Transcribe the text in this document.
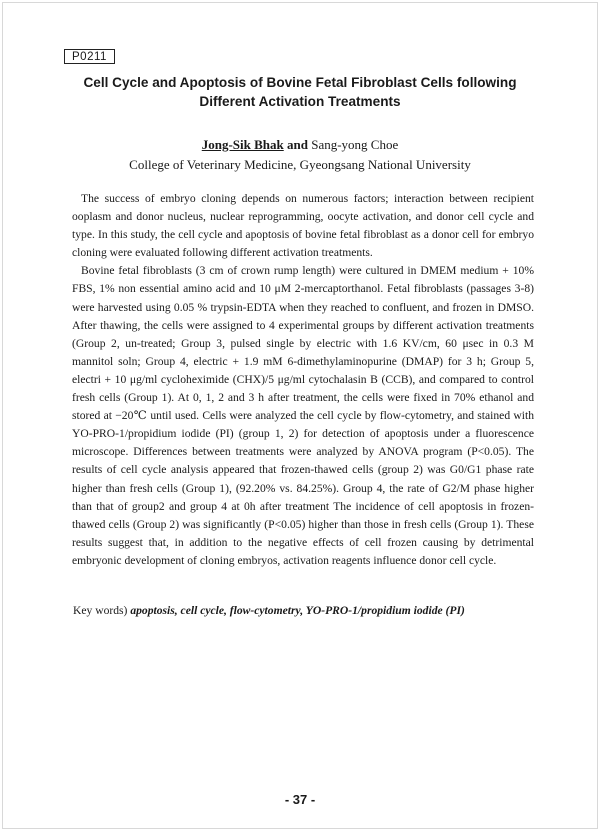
P0211
Cell Cycle and Apoptosis of Bovine Fetal Fibroblast Cells following
Different Activation Treatments
Jong-Sik Bhak and Sang-yong Choe
College of Veterinary Medicine, Gyeongsang National University

The success of embryo cloning depends on numerous factors; interaction between recipient ooplasm and donor nucleus, nuclear reprogramming, oocyte activation, and donor cell cycle and type. In this study, the cell cycle and apoptosis of bovine fetal fibroblast as a donor cell for embryo cloning were evaluated following different activation treatments.

Bovine fetal fibroblasts (3 cm of crown rump length) were cultured in DMEM medium + 10% FBS, 1% non essential amino acid and 10 μM 2-mercaptorthanol. Fetal fibroblasts (passages 3-8) were harvested using 0.05 % trypsin-EDTA when they reached to confluent, and frozen in DMSO. After thawing, the cells were assigned to 4 experimental groups by different activation treatments (Group 2, un-treated; Group 3, pulsed single by electric with 1.6 KV/cm, 60 μsec in 0.3 M mannitol soln; Group 4, electric + 1.9 mM 6-dimethylaminopurine (DMAP) for 3 h; Group 5, electri + 10 μg/ml cycloheximide (CHX)/5 μg/ml cytochalasin B (CCB), and compared to control fresh cells (Group 1). At 0, 1, 2 and 3 h after treatment, the cells were fixed in 70% ethanol and stored at −20℃ until used. Cells were analyzed the cell cycle by flow-cytometry, and stained with YO-PRO-1/propidium iodide (PI) (group 1, 2) for detection of apoptosis under a fluorescence microscope. Differences between treatments were analyzed by ANOVA program (P<0.05). The results of cell cycle analysis appeared that frozen-thawed cells (group 2) was G0/G1 phase rate higher than fresh cells (Group 1), (92.20% vs. 84.25%). Group 4, the rate of G2/M phase higher than that of group2 and group 4 at 0h after treatment The incidence of cell apoptosis in frozen-thawed cells (Group 2) was significantly (P<0.05) higher than those in fresh cells (Group 1). These results suggest that, in addition to the negative effects of cell frozen causing by detrimental embryonic development of cloning embryos, activation reagents influence donor cell cycle.

Key words) apoptosis, cell cycle, flow-cytometry, YO-PRO-1/propidium iodide (PI)
- 37 -
